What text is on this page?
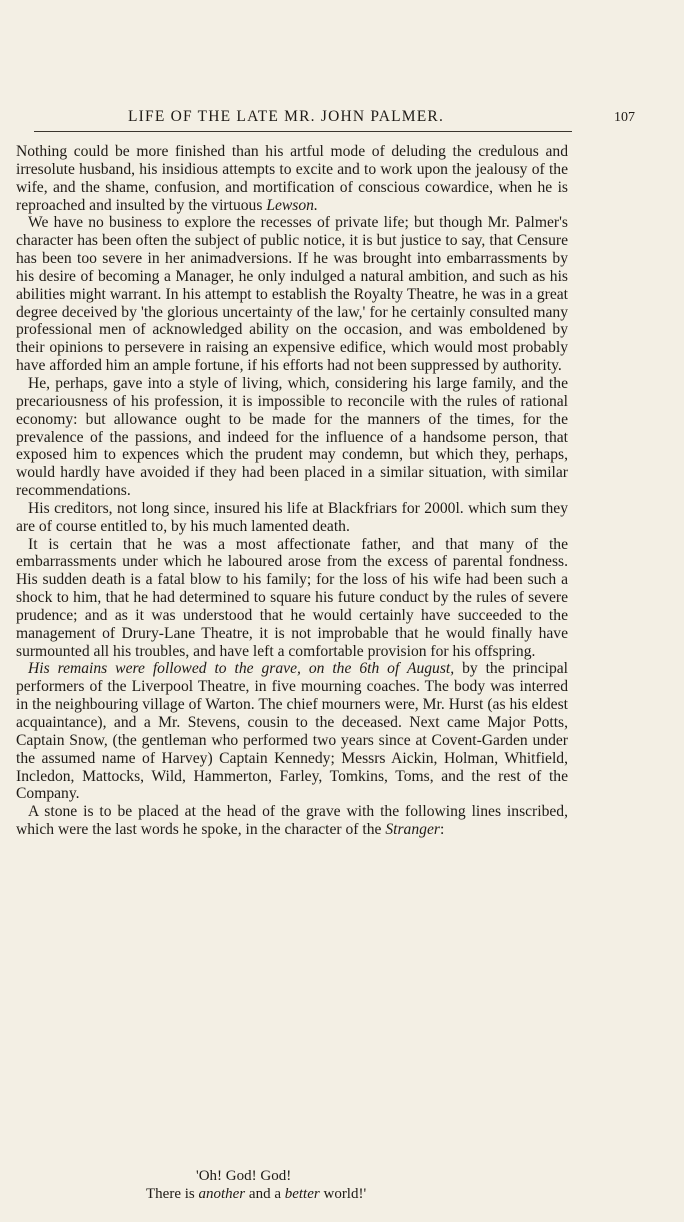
LIFE OF THE LATE MR. JOHN PALMER.	107

Nothing could be more finished than his artful mode of deluding the credulous and irresolute husband, his insidious attempts to excite and to work upon the jealousy of the wife, and the shame, confusion, and mortification of conscious cowardice, when he is reproached and insulted by the virtuous Lewson.

We have no business to explore the recesses of private life; but though Mr. Palmer's character has been often the subject of public notice, it is but justice to say, that Censure has been too severe in her animadversions. If he was brought into embarrassments by his desire of becoming a Manager, he only indulged a natural ambition, and such as his abilities might warrant. In his attempt to establish the Royalty Theatre, he was in a great degree deceived by 'the glorious uncertainty of the law,' for he certainly consulted many professional men of acknowledged ability on the occasion, and was emboldened by their opinions to persevere in raising an expensive edifice, which would most probably have afforded him an ample fortune, if his efforts had not been suppressed by authority.

He, perhaps, gave into a style of living, which, considering his large family, and the precariousness of his profession, it is impossible to reconcile with the rules of rational economy: but allowance ought to be made for the manners of the times, for the prevalence of the passions, and indeed for the influence of a handsome person, that exposed him to expences which the prudent may condemn, but which they, perhaps, would hardly have avoided if they had been placed in a similar situation, with similar recommendations.

His creditors, not long since, insured his life at Blackfriars for 2000l. which sum they are of course entitled to, by his much lamented death.

It is certain that he was a most affectionate father, and that many of the embarrassments under which he laboured arose from the excess of parental fondness. His sudden death is a fatal blow to his family; for the loss of his wife had been such a shock to him, that he had determined to square his future conduct by the rules of severe prudence; and as it was understood that he would certainly have succeeded to the management of Drury-Lane Theatre, it is not improbable that he would finally have surmounted all his troubles, and have left a comfortable provision for his offspring.

His remains were followed to the grave, on the 6th of August, by the principal performers of the Liverpool Theatre, in five mourning coaches. The body was interred in the neighbouring village of Warton. The chief mourners were, Mr. Hurst (as his eldest acquaintance), and a Mr. Stevens, cousin to the deceased. Next came Major Potts, Captain Snow, (the gentleman who performed two years since at Covent-Garden under the assumed name of Harvey) Captain Kennedy; Messrs Aickin, Holman, Whitfield, Incledon, Mattocks, Wild, Hammerton, Farley, Tomkins, Toms, and the rest of the Company.

A stone is to be placed at the head of the grave with the following lines inscribed, which were the last words he spoke, in the character of the Stranger:

'Oh! God! God!
There is another and a better world!'
